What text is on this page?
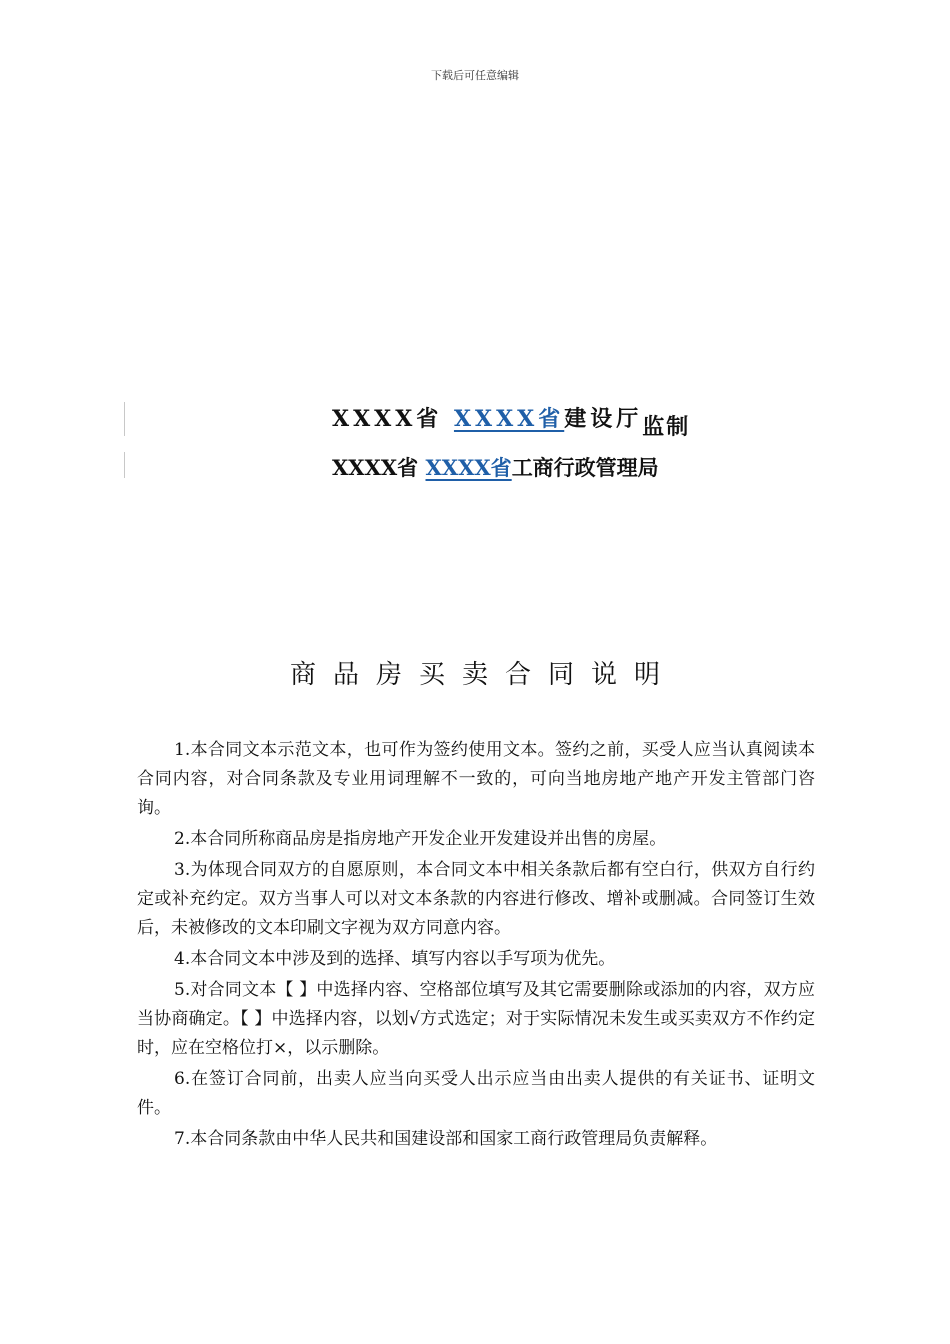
下载后可任意编辑
XXXX省 XXXX省建设厅监制
XXXX省 XXXX省工商行政管理局
商品房买卖合同说明

1.本合同文本示范文本，也可作为签约使用文本。签约之前，买受人应当认真阅读本合同内容，对合同条款及专业用词理解不一致的，可向当地房地产地产开发主管部门咨询。

2.本合同所称商品房是指房地产开发企业开发建设并出售的房屋。

3.为体现合同双方的自愿原则，本合同文本中相关条款后都有空白行，供双方自行约定或补充约定。双方当事人可以对文本条款的内容进行修改、增补或删减。合同签订生效后，未被修改的文本印刷文字视为双方同意内容。

4.本合同文本中涉及到的选择、填写内容以手写项为优先。

5.对合同文本【 】中选择内容、空格部位填写及其它需要删除或添加的内容，双方应当协商确定。【 】中选择内容，以划√方式选定；对于实际情况未发生或买卖双方不作约定时，应在空格位打×，以示删除。

6.在签订合同前，出卖人应当向买受人出示应当由出卖人提供的有关证书、证明文件。

7.本合同条款由中华人民共和国建设部和国家工商行政管理局负责解释。
